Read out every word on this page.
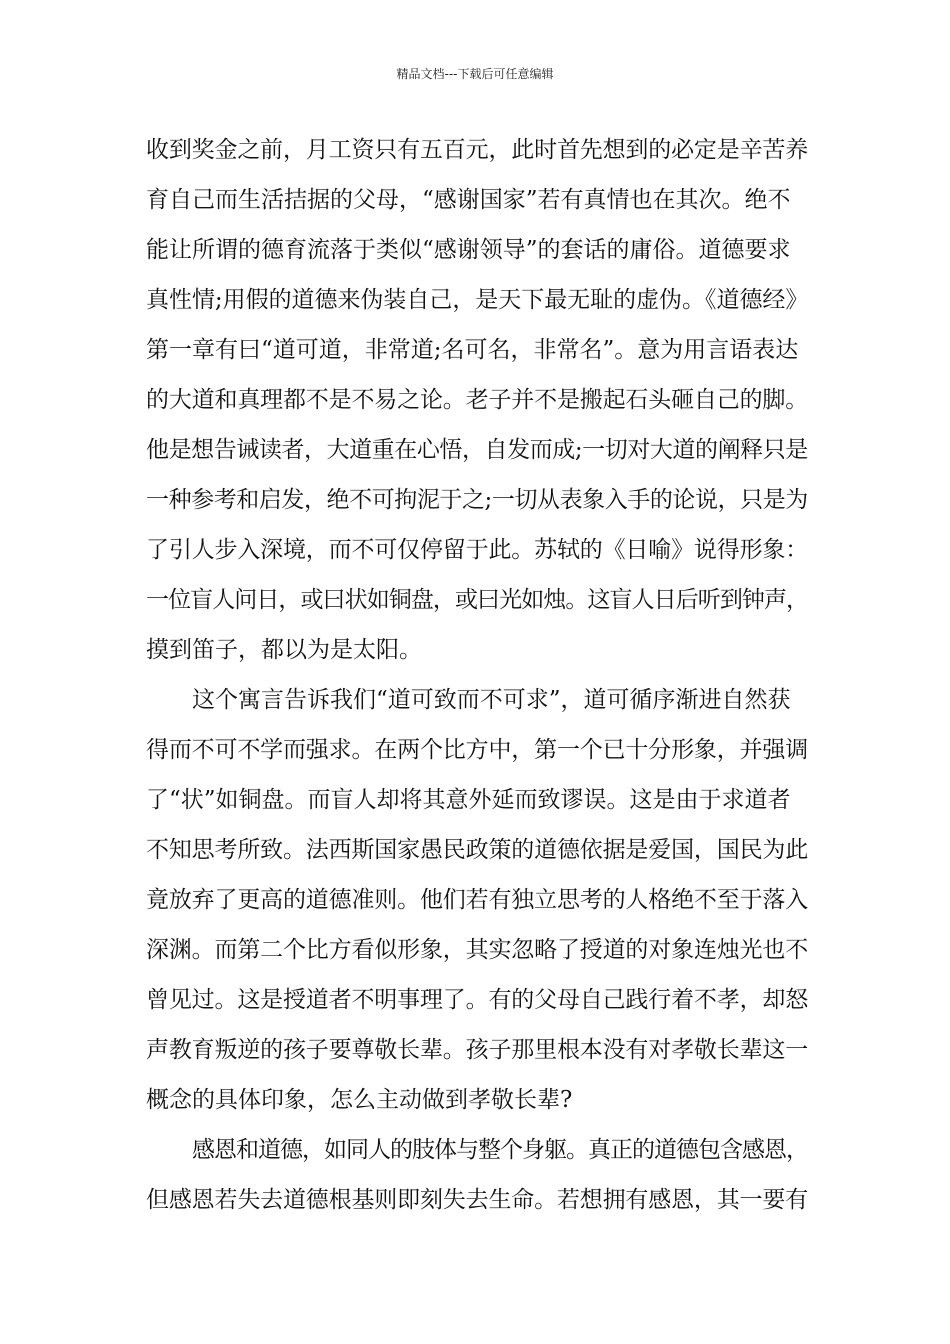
精品文档---下载后可任意编辑
收到奖金之前，月工资只有五百元，此时首先想到的必定是辛苦养
育自己而生活拮据的父母，“感谢国家”若有真情也在其次。绝不
能让所谓的德育流落于类似“感谢领导”的套话的庸俗。道德要求
真性情;用假的道德来伪装自己，是天下最无耻的虚伪。《道德经》
第一章有曰“道可道，非常道;名可名，非常名”。意为用言语表达
的大道和真理都不是不易之论。老子并不是搬起石头砸自己的脚。
他是想告诫读者，大道重在心悟，自发而成;一切对大道的阐释只是
一种参考和启发，绝不可拘泥于之;一切从表象入手的论说，只是为
了引人步入深境，而不可仅停留于此。苏轼的《日喻》说得形象：
一位盲人问日，或曰状如铜盘，或曰光如烛。这盲人日后听到钟声，
摸到笛子，都以为是太阳。
这个寓言告诉我们“道可致而不可求”，道可循序渐进自然获
得而不可不学而强求。在两个比方中，第一个已十分形象，并强调
了“状”如铜盘。而盲人却将其意外延而致谬误。这是由于求道者
不知思考所致。法西斯国家愚民政策的道德依据是爱国，国民为此
竟放弃了更高的道德准则。他们若有独立思考的人格绝不至于落入
深渊。而第二个比方看似形象，其实忽略了授道的对象连烛光也不
曾见过。这是授道者不明事理了。有的父母自己践行着不孝，却怒
声教育叛逆的孩子要尊敬长辈。孩子那里根本没有对孝敬长辈这一
概念的具体印象，怎么主动做到孝敬长辈?
感恩和道德，如同人的肢体与整个身躯。真正的道德包含感恩，
但感恩若失去道德根基则即刻失去生命。若想拥有感恩，其一要有
